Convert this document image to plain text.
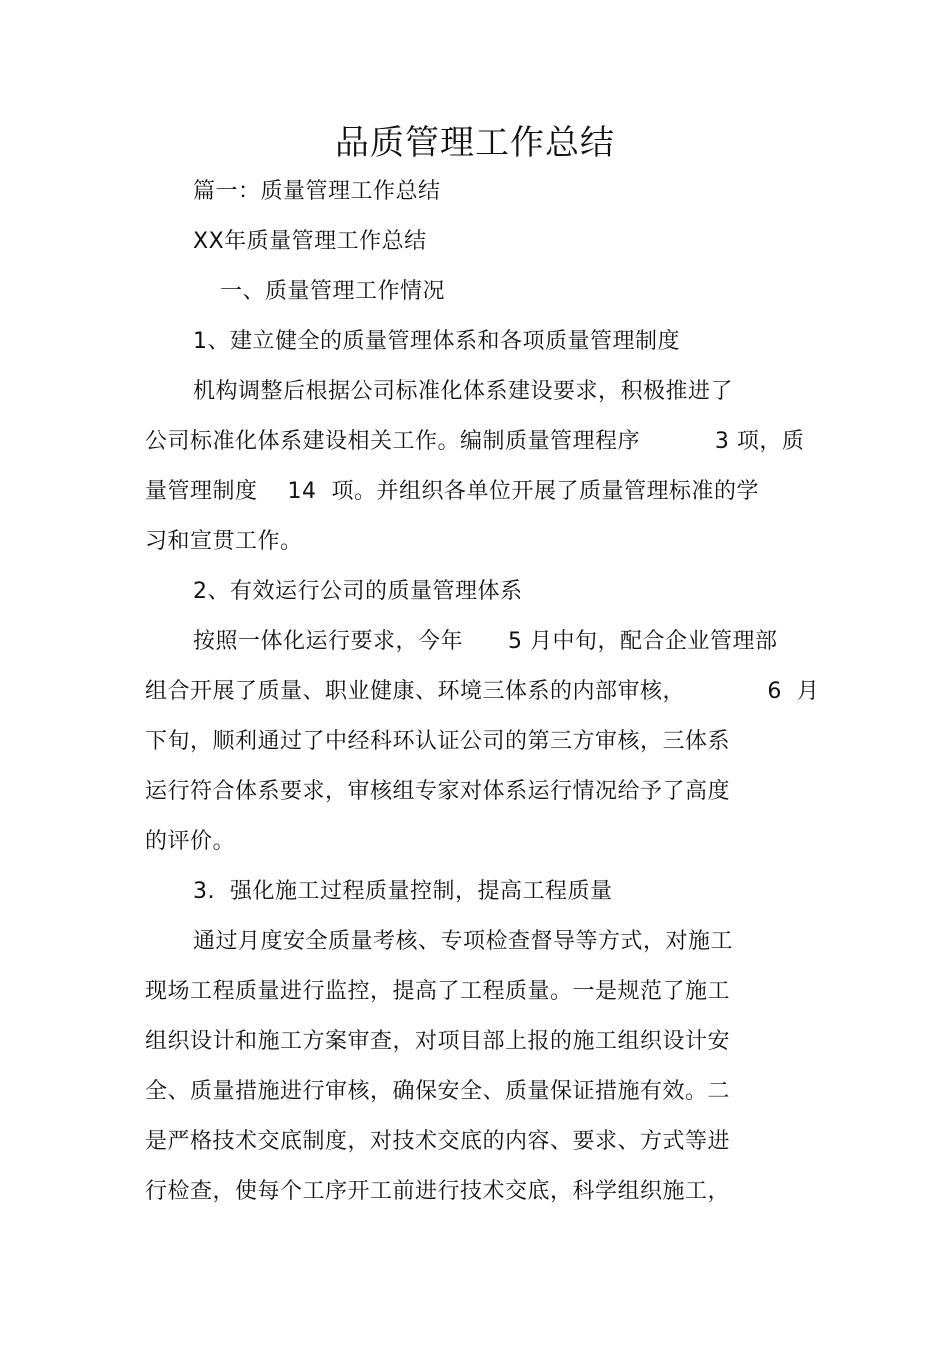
品质管理工作总结
篇一：质量管理工作总结
XX年质量管理工作总结
一、质量管理工作情况
1、建立健全的质量管理体系和各项质量管理制度
机构调整后根据公司标准化体系建设要求，积极推进了
公司标准化体系建设相关工作。编制质量管理程序          3 项，质
量管理制度    14  项。并组织各单位开展了质量管理标准的学
习和宣贯工作。
2、有效运行公司的质量管理体系
按照一体化运行要求，今年      5 月中旬，配合企业管理部
组合开展了质量、职业健康、环境三体系的内部审核，           6  月
下旬，顺利通过了中经科环认证公司的第三方审核，三体系
运行符合体系要求，审核组专家对体系运行情况给予了高度
的评价。
3.  强化施工过程质量控制，提高工程质量
通过月度安全质量考核、专项检查督导等方式，对施工
现场工程质量进行监控，提高了工程质量。一是规范了施工
组织设计和施工方案审查，对项目部上报的施工组织设计安
全、质量措施进行审核，确保安全、质量保证措施有效。二
是严格技术交底制度，对技术交底的内容、要求、方式等进
行检查，使每个工序开工前进行技术交底，科学组织施工，
